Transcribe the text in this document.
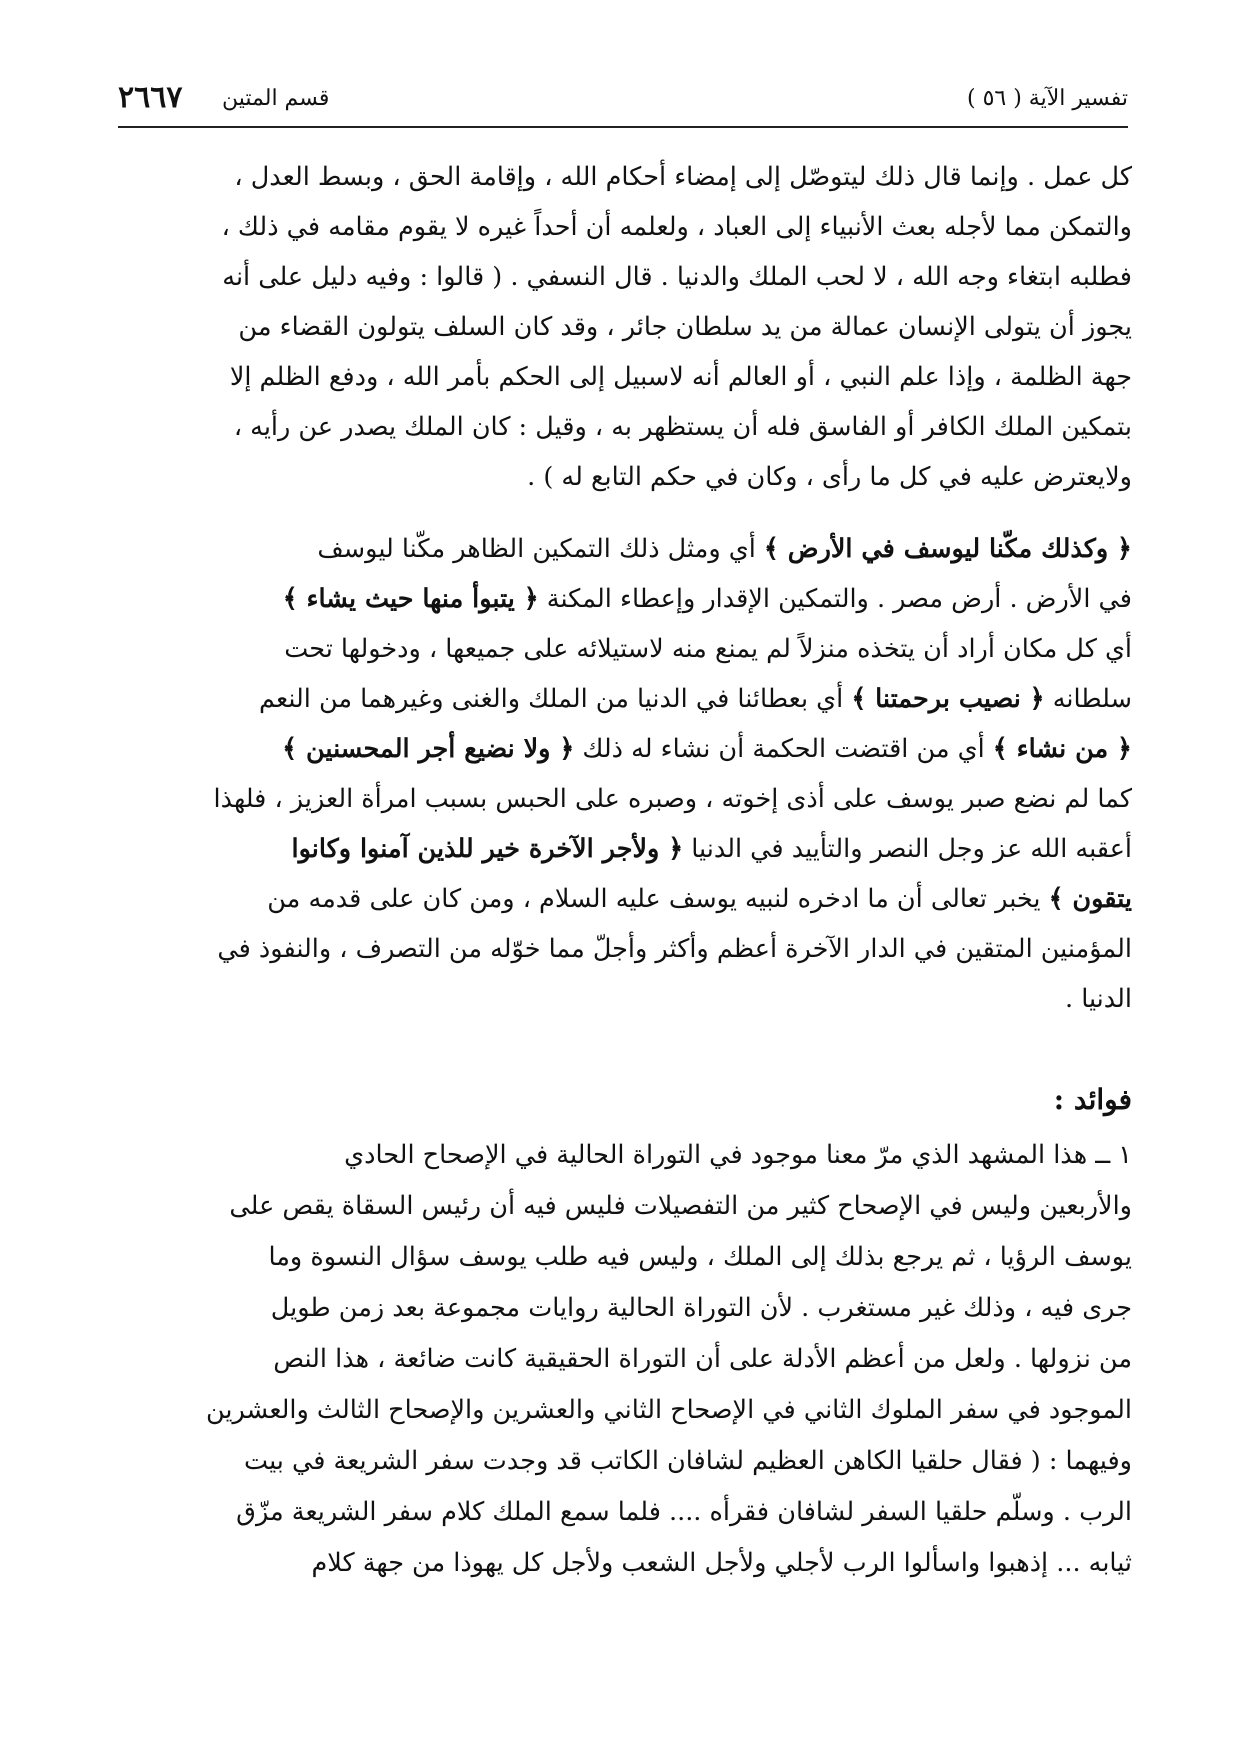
٢٦٦٧ قسم المتين	تفسير الآية ( ٥٦ )

كل عمل . وإنما قال ذلك ليتوصّل إلى إمضاء أحكام الله ، وإقامة الحق ، وبسط العدل ،

والتمكن مما لأجله بعث الأنبياء إلى العباد ، ولعلمه أن أحداً غيره لا يقوم مقامه في ذلك ،

فطلبه ابتغاء وجه الله ، لا لحب الملك والدنيا . قال النسفي . ( قالوا : وفيه دليل على أنه

يجوز أن يتولى الإنسان عمالة من يد سلطان جائر ، وقد كان السلف يتولون القضاء من

جهة الظلمة ، وإذا علم النبي ، أو العالم أنه لاسبيل إلى الحكم بأمر الله ، ودفع الظلم إلا

بتمكين الملك الكافر أو الفاسق فله أن يستظهر به ، وقيل : كان الملك يصدر عن رأيه ،

ولايعترض عليه في كل ما رأى ، وكان في حكم التابع له ) .

﴿ وكذلك مكّنا ليوسف في الأرض ﴾ أي ومثل ذلك التمكين الظاهر مكّنا ليوسف

في الأرض . أرض مصر . والتمكين الإقدار وإعطاء المكنة ﴿ يتبوأ منها حيث يشاء ﴾

أي كل مكان أراد أن يتخذه منزلاً لم يمنع منه لاستيلائه على جميعها ، ودخولها تحت

سلطانه ﴿ نصيب برحمتنا ﴾ أي بعطائنا في الدنيا من الملك والغنى وغيرهما من النعم

﴿ من نشاء ﴾ أي من اقتضت الحكمة أن نشاء له ذلك ﴿ ولا نضيع أجر المحسنين ﴾

كما لم نضع صبر يوسف على أذى إخوته ، وصبره على الحبس بسبب امرأة العزيز ، فلهذا

أعقبه الله عز وجل النصر والتأييد في الدنيا ﴿ ولأجر الآخرة خير للذين آمنوا وكانوا

يتقون ﴾ يخبر تعالى أن ما ادخره لنبيه يوسف عليه السلام ، ومن كان على قدمه من

المؤمنين المتقين في الدار الآخرة أعظم وأكثر وأجلّ مما خوّله من التصرف ، والنفوذ في

الدنيا .

فوائد :

١ ــ هذا المشهد الذي مرّ معنا موجود في التوراة الحالية في الإصحاح الحادي

والأربعين وليس في الإصحاح كثير من التفصيلات فليس فيه أن رئيس السقاة يقص على

يوسف الرؤيا ، ثم يرجع بذلك إلى الملك ، وليس فيه طلب يوسف سؤال النسوة وما

جرى فيه ، وذلك غير مستغرب . لأن التوراة الحالية روايات مجموعة بعد زمن طويل

من نزولها . ولعل من أعظم الأدلة على أن التوراة الحقيقية كانت ضائعة ، هذا النص

الموجود في سفر الملوك الثاني في الإصحاح الثاني والعشرين والإصحاح الثالث والعشرين

وفيهما : ( فقال حلقيا الكاهن العظيم لشافان الكاتب قد وجدت سفر الشريعة في بيت

الرب . وسلّم حلقيا السفر لشافان فقرأه .... فلما سمع الملك كلام سفر الشريعة مزّق

ثيابه ... إذهبوا واسألوا الرب لأجلي ولأجل الشعب ولأجل كل يهوذا من جهة كلام
